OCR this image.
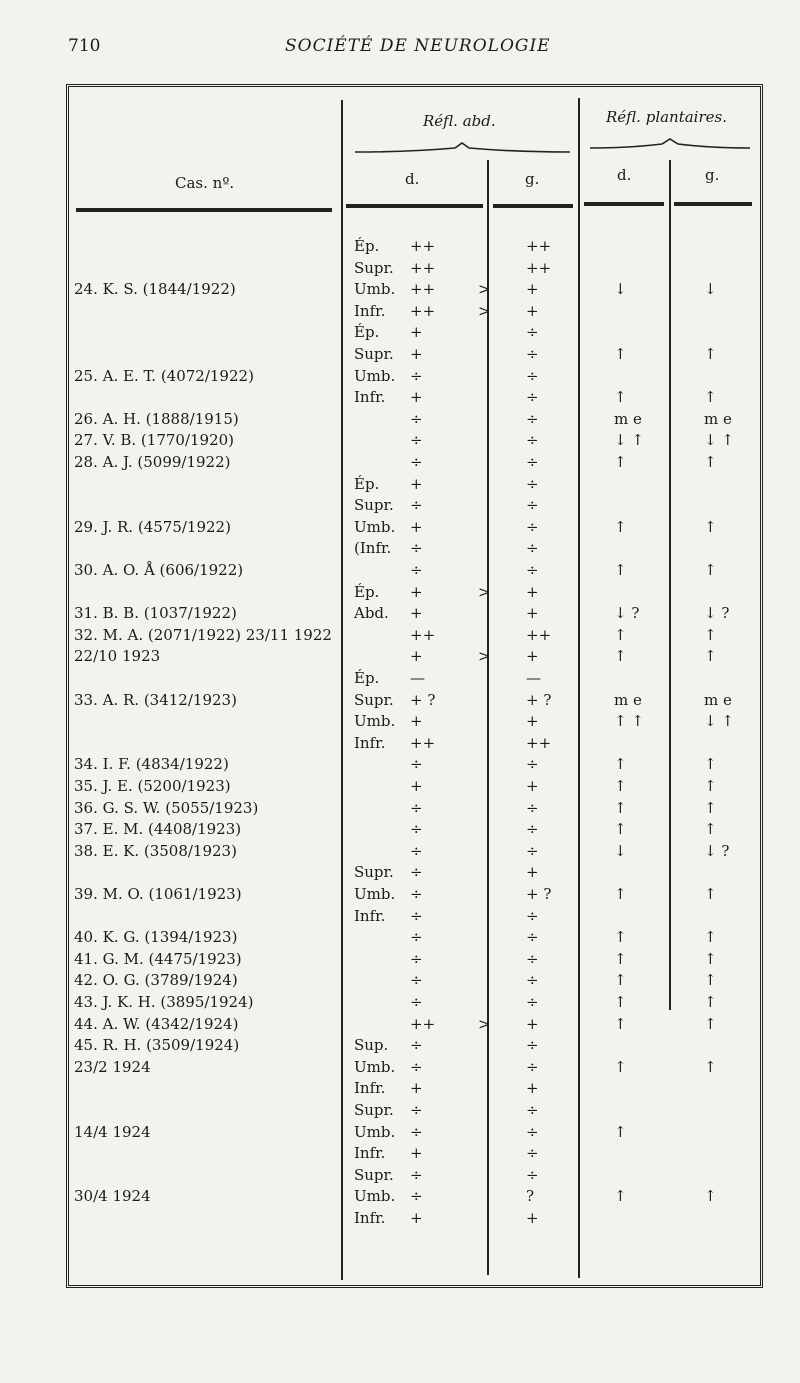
710	SOCIÉTÉ DE NEUROLOGIE
Réfl. abd.	Réfl. plantaires.
Cas. nº.	d.	g.	d.	g.
Ép. ++	++
Supr. ++	++
24. K. S. (1844/1922)	Umb. ++	> +	↓	↓
Infr. ++	> +
Ép. +	÷
Supr. +	÷	↑	↑
25. A. E. T. (4072/1922)	Umb. ÷	÷
Infr. +	÷	↑	↑
26. A. H. (1888/1915)	÷	÷	m e	m e
27. V. B. (1770/1920)	÷	÷	↓ ↑	↓ ↑
28. A. J. (5099/1922)	÷	÷	↑	↑
Ép. +	÷
Supr. ÷	÷
29. J. R. (4575/1922)	Umb. +	÷	↑	↑
(Infr. ÷	÷
30. A. O. Å (606/1922)	÷	÷	↑	↑
Ép. +	> +
31. B. B. (1037/1922)	Abd. +	+	↓ ?	↓ ?
32. M. A. (2071/1922) 23/11 1922	++	++	↑	↑
22/10 1923	+	> +	↑	↑
Ép. —	—
33. A. R. (3412/1923)	Supr. + ?	+ ?	m e	m e
Umb. +	+	↑ ↑	↓ ↑
Infr. ++	++
34. I. F. (4834/1922)	÷	÷	↑	↑
35. J. E. (5200/1923)	+	+	↑	↑
36. G. S. W. (5055/1923)	÷	÷	↑	↑
37. E. M. (4408/1923)	÷	÷	↑	↑
38. E. K. (3508/1923)	÷	÷	↓	↓ ?
Supr. ÷	+
39. M. O. (1061/1923)	Umb. ÷	+ ?	↑	↑
Infr. ÷	÷
40. K. G. (1394/1923)	÷	÷	↑	↑
41. G. M. (4475/1923)	÷	÷	↑	↑
42. O. G. (3789/1924)	÷	÷	↑	↑
43. J. K. H. (3895/1924)	÷	÷	↑	↑
44. A. W. (4342/1924)	++	> +	↑	↑
45. R. H. (3509/1924)	Sup. ÷	÷
23/2 1924	Umb. ÷	÷	↑	↑
Infr. +	+
Supr. ÷	÷
14/4 1924	Umb. ÷	÷	↑
Infr. +	÷
Supr. ÷	÷
30/4 1924	Umb. ÷	?	↑	↑
Infr. +	+
